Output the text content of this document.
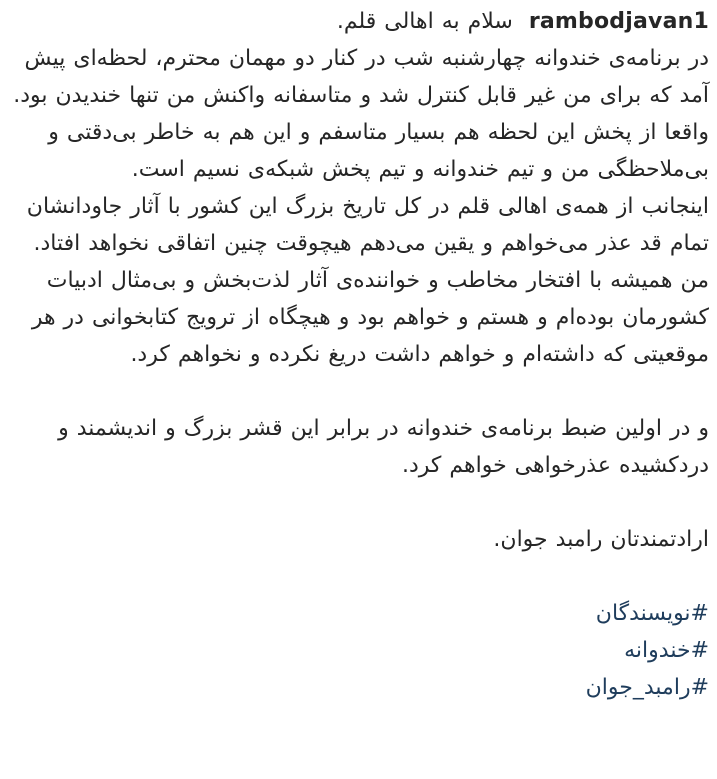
rambodjavan1 سلام به اهالی قلم.

در برنامه‌ی خندوانه چهارشنبه شب در کنار دو مهمان محترم، لحظه‌ای پیش آمد که برای من غیر قابل کنترل شد و متاسفانه واکنش من تنها خندیدن بود.

واقعا از پخش این لحظه هم بسیار متاسفم و این هم به خاطر بی‌دقتی و بی‌ملاحظگی من و تیم خندوانه و تیم پخش شبکه‌ی نسیم است.

اینجانب از همه‌ی اهالی قلم در کل تاریخ بزرگ این کشور با آثار جاودانشان تمام قد عذر می‌خواهم و یقین می‌دهم هیچوقت چنین اتفاقی نخواهد افتاد.

من همیشه با افتخار مخاطب و خواننده‌ی آثار لذت‌بخش و بی‌مثال ادبیات کشورمان بوده‌ام و هستم و خواهم بود و هیچگاه از ترویج کتابخوانی در هر موقعیتی که داشته‌ام و خواهم داشت دریغ نکرده و نخواهم کرد.

و در اولین ضبط برنامه‌ی خندوانه در برابر این قشر بزرگ و اندیشمند و دردکشیده عذرخواهی خواهم کرد.

ارادتمندتان رامبد جوان.

#نویسندگان

#خندوانه

#رامبد_جوان
